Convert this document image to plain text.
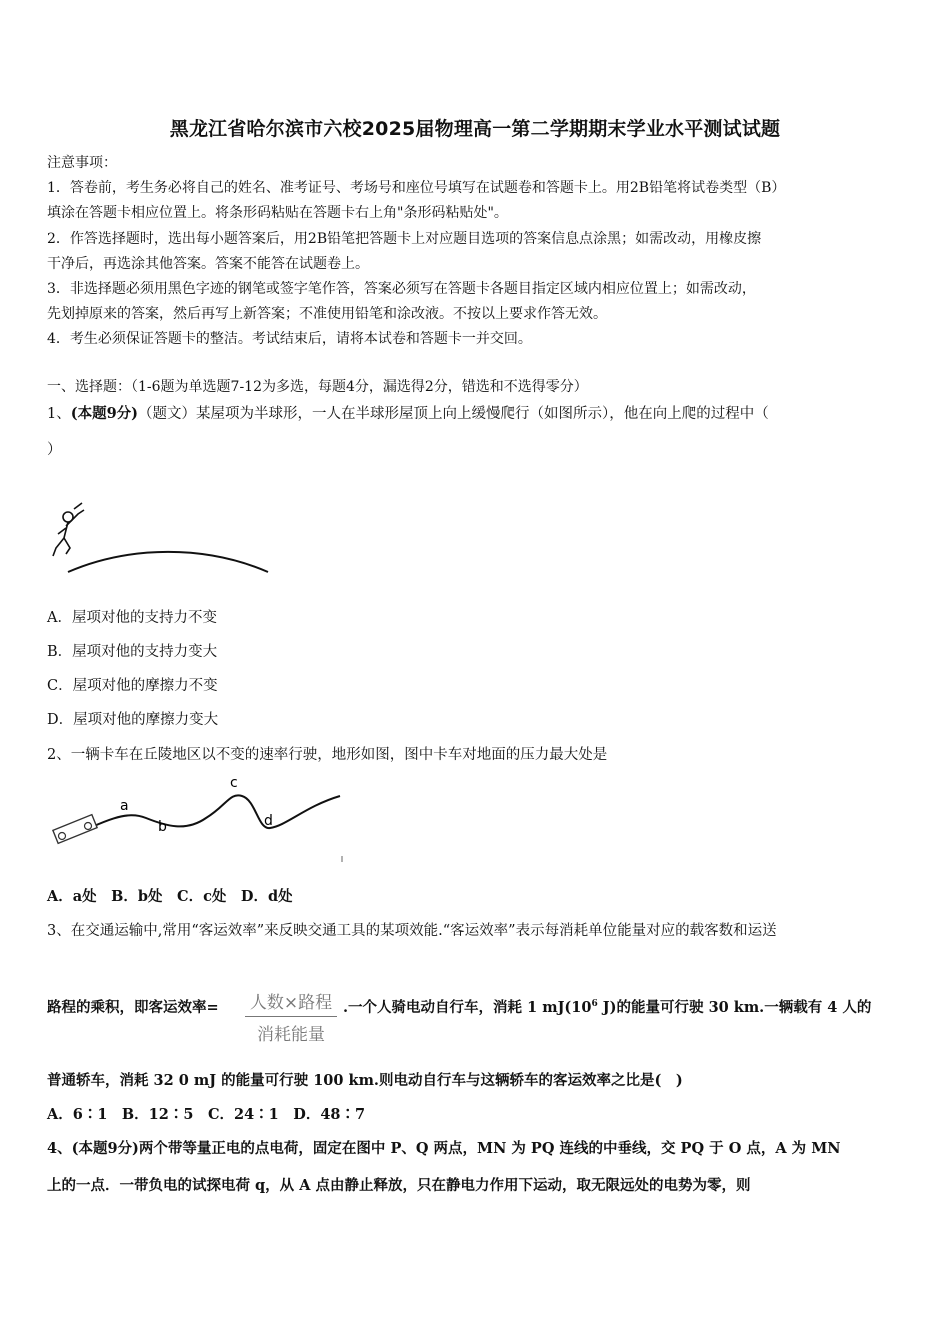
黑龙江省哈尔滨市六校2025届物理高一第二学期期末学业水平测试试题
注意事项：
1．答卷前，考生务必将自己的姓名、准考证号、考场号和座位号填写在试题卷和答题卡上。用2B铅笔将试卷类型（B）
填涂在答题卡相应位置上。将条形码粘贴在答题卡右上角"条形码粘贴处"。
2．作答选择题时，选出每小题答案后，用2B铅笔把答题卡上对应题目选项的答案信息点涂黑；如需改动，用橡皮擦
干净后，再选涂其他答案。答案不能答在试题卷上。
3．非选择题必须用黑色字迹的钢笔或签字笔作答，答案必须写在答题卡各题目指定区域内相应位置上；如需改动，
先划掉原来的答案，然后再写上新答案；不准使用铅笔和涂改液。不按以上要求作答无效。
4．考生必须保证答题卡的整洁。考试结束后，请将本试卷和答题卡一并交回。
一、选择题：（1-6题为单选题7-12为多选，每题4分，漏选得2分，错选和不选得零分）
1、(本题9分)（题文）某屋项为半球形，一人在半球形屋顶上向上缓慢爬行（如图所示），他在向上爬的过程中（
）
A．屋项对他的支持力不变
B．屋项对他的支持力变大
C．屋项对他的摩擦力不变
D．屋项对他的摩擦力变大
2、一辆卡车在丘陵地区以不变的速率行驶，地形如图，图中卡车对地面的压力最大处是
a
b
c
d
A．a处　B．b处　C．c处　D．d处
3、在交通运输中,常用“客运效率”来反映交通工具的某项效能.“客运效率”表示每消耗单位能量对应的载客数和运送
路程的乘积，即客运效率=	人数×路程
消耗能量
.一个人骑电动自行车，消耗 1 $mJ(10^6$ J)的能量可行驶 30 km.一辆载有 4 人的
普通轿车，消耗 32 0 mJ 的能量可行驶 100 km.则电动自行车与这辆轿车的客运效率之比是(　)
A．6∶1　B．12∶5　C．24∶1　D．48∶7
4、(本题9分)两个带等量正电的点电荷，固定在图中 P、Q 两点，MN 为 PQ 连线的中垂线，交 PQ 于 O 点，A 为 MN
上的一点．一带负电的试探电荷 q，从 A 点由静止释放，只在静电力作用下运动，取无限远处的电势为零，则
